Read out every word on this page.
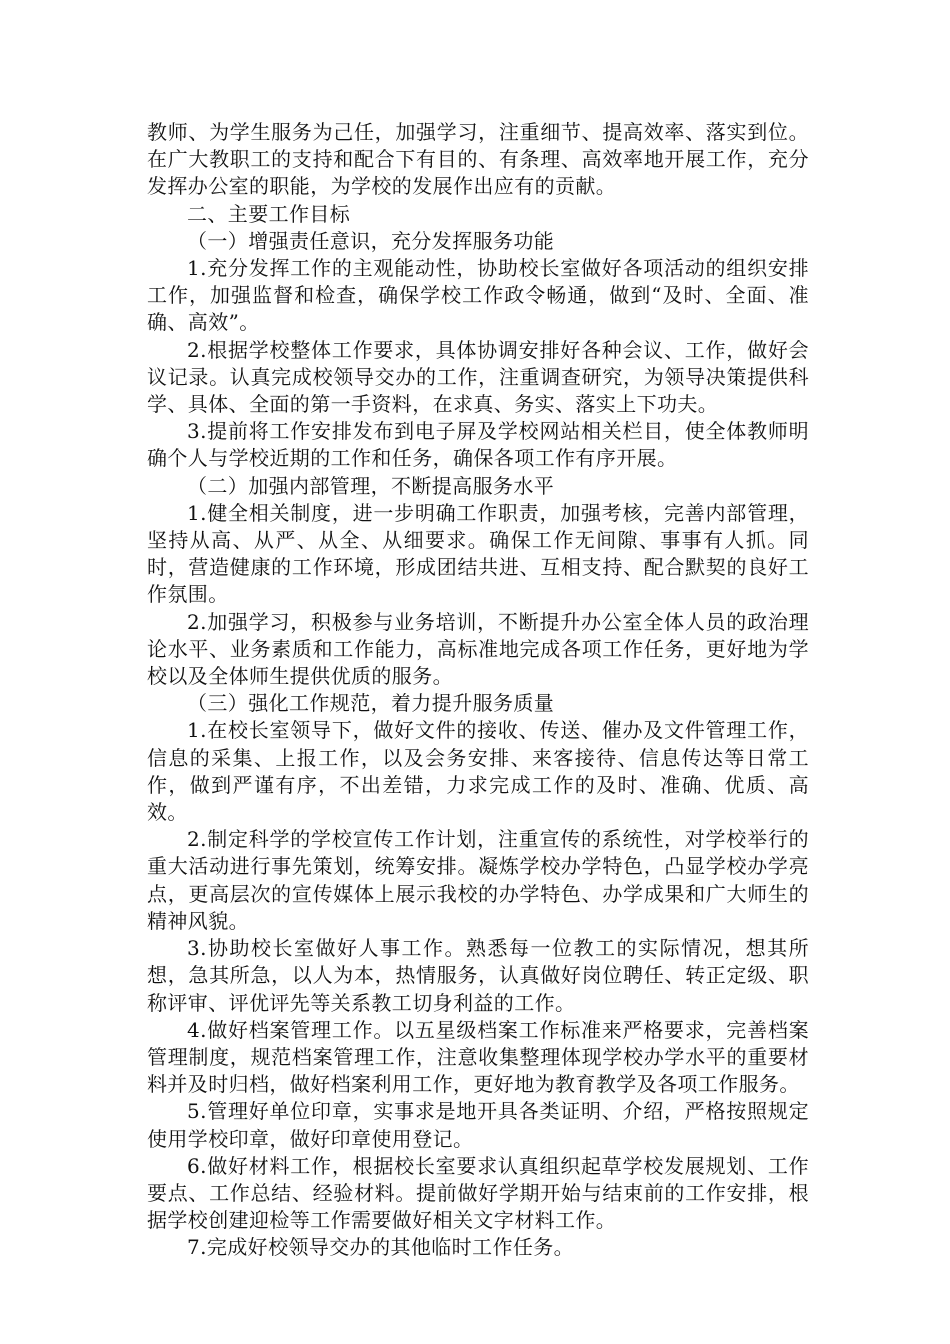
教师、为学生服务为己任，加强学习，注重细节、提高效率、落实到位。在广大教职工的支持和配合下有目的、有条理、高效率地开展工作，充分发挥办公室的职能，为学校的发展作出应有的贡献。

二、主要工作目标

（一）增强责任意识，充分发挥服务功能

1.充分发挥工作的主观能动性，协助校长室做好各项活动的组织安排工作，加强监督和检查，确保学校工作政令畅通，做到“及时、全面、准确、高效”。

2.根据学校整体工作要求，具体协调安排好各种会议、工作，做好会议记录。认真完成校领导交办的工作，注重调查研究，为领导决策提供科学、具体、全面的第一手资料，在求真、务实、落实上下功夫。

3.提前将工作安排发布到电子屏及学校网站相关栏目，使全体教师明确个人与学校近期的工作和任务，确保各项工作有序开展。

（二）加强内部管理，不断提高服务水平

1.健全相关制度，进一步明确工作职责，加强考核，完善内部管理，坚持从高、从严、从全、从细要求。确保工作无间隙、事事有人抓。同时，营造健康的工作环境，形成团结共进、互相支持、配合默契的良好工作氛围。

2.加强学习，积极参与业务培训，不断提升办公室全体人员的政治理论水平、业务素质和工作能力，高标准地完成各项工作任务，更好地为学校以及全体师生提供优质的服务。

（三）强化工作规范，着力提升服务质量

1.在校长室领导下，做好文件的接收、传送、催办及文件管理工作，信息的采集、上报工作，以及会务安排、来客接待、信息传达等日常工作，做到严谨有序，不出差错，力求完成工作的及时、准确、优质、高效。

2.制定科学的学校宣传工作计划，注重宣传的系统性，对学校举行的重大活动进行事先策划，统筹安排。凝炼学校办学特色，凸显学校办学亮点，更高层次的宣传媒体上展示我校的办学特色、办学成果和广大师生的精神风貌。

3.协助校长室做好人事工作。熟悉每一位教工的实际情况，想其所想，急其所急，以人为本，热情服务，认真做好岗位聘任、转正定级、职称评审、评优评先等关系教工切身利益的工作。

4.做好档案管理工作。以五星级档案工作标准来严格要求，完善档案管理制度，规范档案管理工作，注意收集整理体现学校办学水平的重要材料并及时归档，做好档案利用工作，更好地为教育教学及各项工作服务。

5.管理好单位印章，实事求是地开具各类证明、介绍，严格按照规定使用学校印章，做好印章使用登记。

6.做好材料工作，根据校长室要求认真组织起草学校发展规划、工作要点、工作总结、经验材料。提前做好学期开始与结束前的工作安排，根据学校创建迎检等工作需要做好相关文字材料工作。

7.完成好校领导交办的其他临时工作任务。
